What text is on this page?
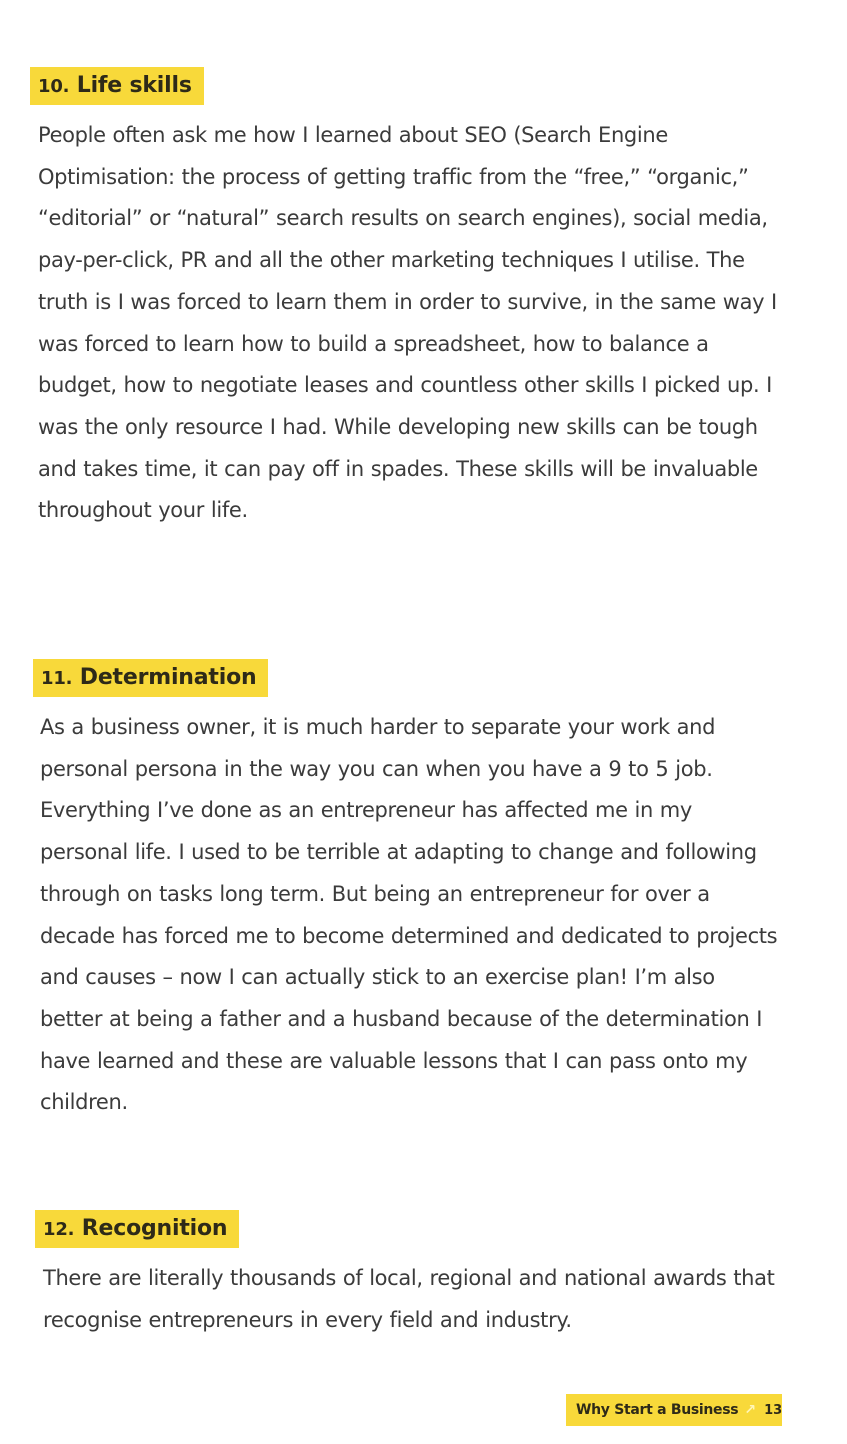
10. Life skills

People often ask me how I learned about SEO (Search Engine Optimisation: the process of getting traffic from the “free,” “organic,” “editorial” or “natural” search results on search engines), social media, pay-per-click, PR and all the other marketing techniques I utilise. The truth is I was forced to learn them in order to survive, in the same way I was forced to learn how to build a spreadsheet, how to balance a budget, how to negotiate leases and countless other skills I picked up. I was the only resource I had. While developing new skills can be tough and takes time, it can pay off in spades. These skills will be invaluable throughout your life.

11. Determination

As a business owner, it is much harder to separate your work and personal persona in the way you can when you have a 9 to 5 job. Everything I’ve done as an entrepreneur has affected me in my personal life. I used to be terrible at adapting to change and following through on tasks long term. But being an entrepreneur for over a decade has forced me to become determined and dedicated to projects and causes – now I can actually stick to an exercise plan! I’m also better at being a father and a husband because of the determination I have learned and these are valuable lessons that I can pass onto my children.

12. Recognition

There are literally thousands of local, regional and national awards that recognise entrepreneurs in every field and industry.

Why Start a Business ↗ 13
